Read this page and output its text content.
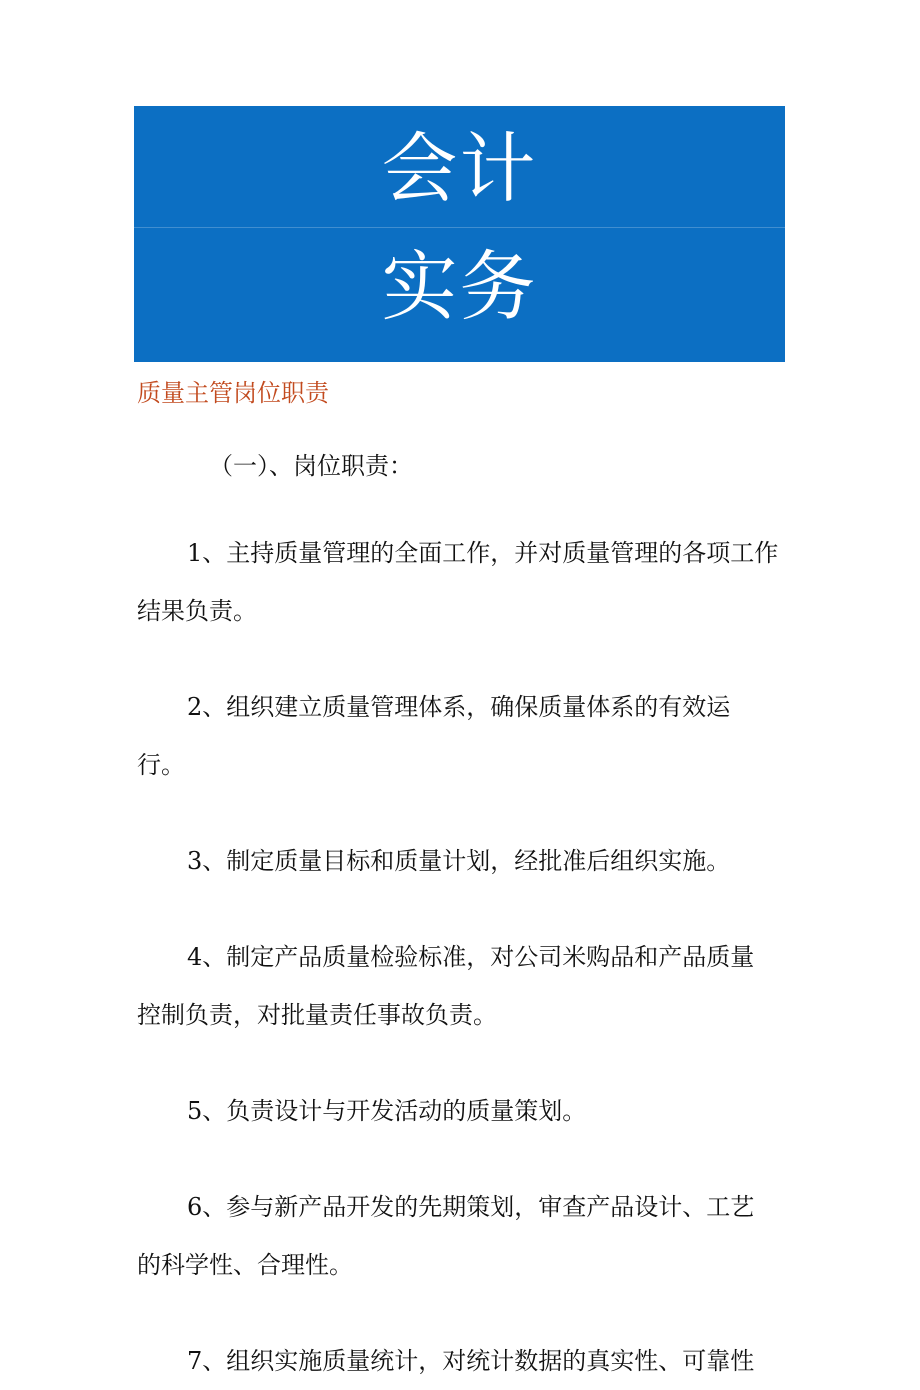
会计
实务
质量主管岗位职责

（一）、岗位职责：

1、主持质量管理的全面工作，并对质量管理的各项工作结果负责。

2、组织建立质量管理体系，确保质量体系的有效运行。

3、制定质量目标和质量计划，经批准后组织实施。

4、制定产品质量检验标准，对公司米购品和产品质量控制负责，对批量责任事故负责。

5、负责设计与开发活动的质量策划。

6、参与新产品开发的先期策划，审查产品设计、工艺的科学性、合理性。

7、组织实施质量统计，对统计数据的真实性、可靠性
